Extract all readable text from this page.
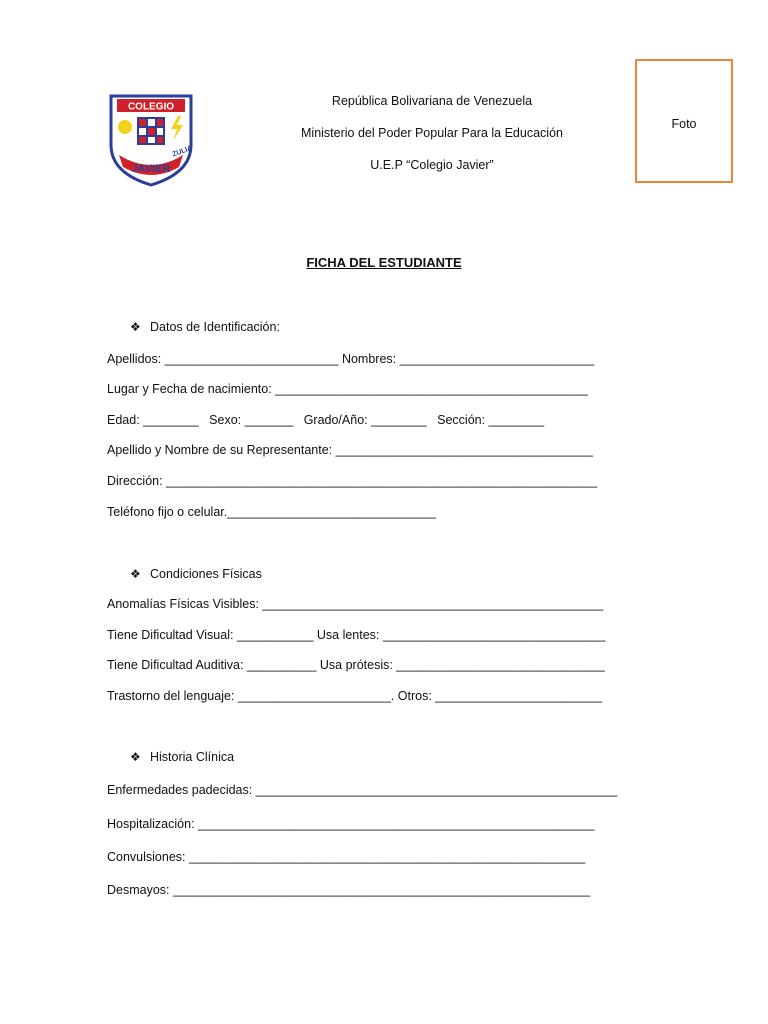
COLEGIO
ZULIA
JAVIER
República Bolivariana de Venezuela
Ministerio del Poder Popular Para la Educación
U.E.P “Colegio Javier”
Foto
FICHA DEL ESTUDIANTE
❖ Datos de Identificación:
Apellidos: _________________________ Nombres: ____________________________
Lugar y Fecha de nacimiento: _____________________________________________
Edad: ________   Sexo: _______   Grado/Año: ________   Sección: ________
Apellido y Nombre de su Representante: _____________________________________
Dirección: ______________________________________________________________
Teléfono fijo o celular.______________________________
❖ Condiciones Físicas
Anomalías Físicas Visibles: _________________________________________________
Tiene Dificultad Visual: ___________ Usa lentes: ________________________________
Tiene Dificultad Auditiva: __________ Usa prótesis: ______________________________
Trastorno del lenguaje: ______________________. Otros: ________________________
❖ Historia Clínica
Enfermedades padecidas: ____________________________________________________
Hospitalización: _________________________________________________________
Convulsiones: _________________________________________________________
Desmayos: ____________________________________________________________
